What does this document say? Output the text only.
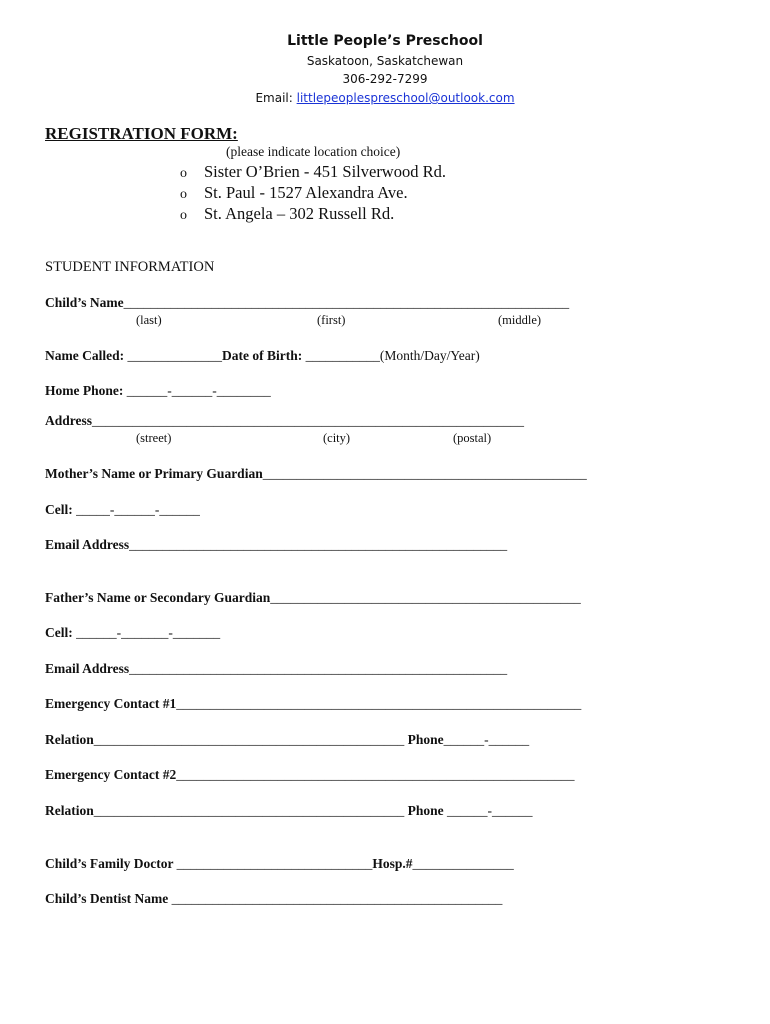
Little People’s Preschool
Saskatoon, Saskatchewan
306-292-7299
Email: littlepeoplespreschool@outlook.com
REGISTRATION FORM:
(please indicate location choice)
o Sister O’Brien - 451 Silverwood Rd.
o St. Paul - 1527 Alexandra Ave.
o St. Angela – 302 Russell Rd.
STUDENT INFORMATION
Child’s Name__________________________________________________________________
(last)	(first)	(middle)
Name Called: ______________Date of Birth: ___________(Month/Day/Year)
Home Phone: ______-______-________
Address________________________________________________________________
(street)	(city)	(postal)
Mother’s Name or Primary Guardian________________________________________________
Cell: _____-______-______
Email Address________________________________________________________
Father’s Name or Secondary Guardian______________________________________________
Cell: ______-_______-_______
Email Address________________________________________________________
Emergency Contact #1____________________________________________________________
Relation______________________________________________ Phone______-______
Emergency Contact #2___________________________________________________________
Relation______________________________________________ Phone ______-______
Child’s Family Doctor _____________________________Hosp.#_______________
Child’s Dentist Name _________________________________________________
